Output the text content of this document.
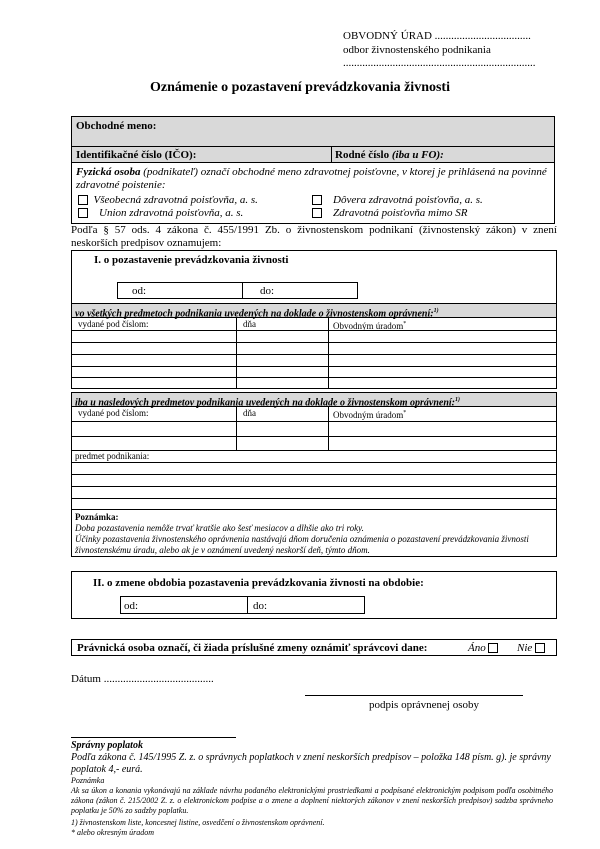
OBVODNÝ ÚRAD ...................................
odbor živnostenského podnikania
......................................................................
Oznámenie o pozastavení prevádzkovania živnosti
Obchodné meno:
Identifikačné číslo (IČO):	Rodné číslo (iba u FO):
Fyzická osoba (podnikateľ) označí obchodné meno zdravotnej poisťovne, v ktorej je prihlásená na povinné zdravotné poistenie:
Všeobecná zdravotná poisťovňa, a. s.	Dôvera zdravotná poisťovňa, a. s.
Union zdravotná poisťovňa, a. s.	Zdravotná poisťovňa mimo SR
Podľa § 57 ods. 4 zákona č. 455/1991 Zb. o živnostenskom podnikaní (živnostenský zákon) v znení neskorších predpisov oznamujem:
I. o pozastavenie prevádzkovania živnosti
od:	do:
vo všetkých predmetoch podnikania uvedených na doklade o živnostenskom oprávnení:$^{1)}$
vydané pod číslom:	dňa	Obvodným úradom*
iba u nasledových predmetov podnikania uvedených na doklade o živnostenskom oprávnení:$^{1)}$
vydané pod číslom:	dňa	Obvodným úradom*
predmet podnikania:
Poznámka:
Doba pozastavenia nemôže trvať kratšie ako šesť mesiacov a dlhšie ako tri roky.
Účinky pozastavenia živnostenského oprávnenia nastávajú dňom doručenia oznámenia o pozastavení prevádzkovania živnosti živnostenskému úradu, alebo ak je v oznámení uvedený neskorší deň, týmto dňom.
II. o zmene obdobia pozastavenia prevádzkovania živnosti na obdobie:
od:	do:
Právnická osoba označí, či žiada príslušné zmeny oznámiť správcovi dane:	Áno	Nie
Dátum ........................................
podpis oprávnenej osoby
Správny poplatok
Podľa zákona č. 145/1995 Z. z. o správnych poplatkoch v znení neskorších predpisov – položka 148 písm. g). je správny poplatok 4,- eurá.
Poznámka
Ak sa úkon a konania vykonávajú na základe návrhu podaného elektronickými prostriedkami a podpísané elektronickým podpisom podľa osobitného zákona (zákon č. 215/2002 Z. z. o elektronickom podpise a o zmene a doplnení niektorých zákonov v znení neskorších predpisov) sadzba správneho poplatku je 50% zo sadzby poplatku.
1) živnostenskom liste, koncesnej listine, osvedčení o živnostenskom oprávnení.
* alebo okresným úradom
